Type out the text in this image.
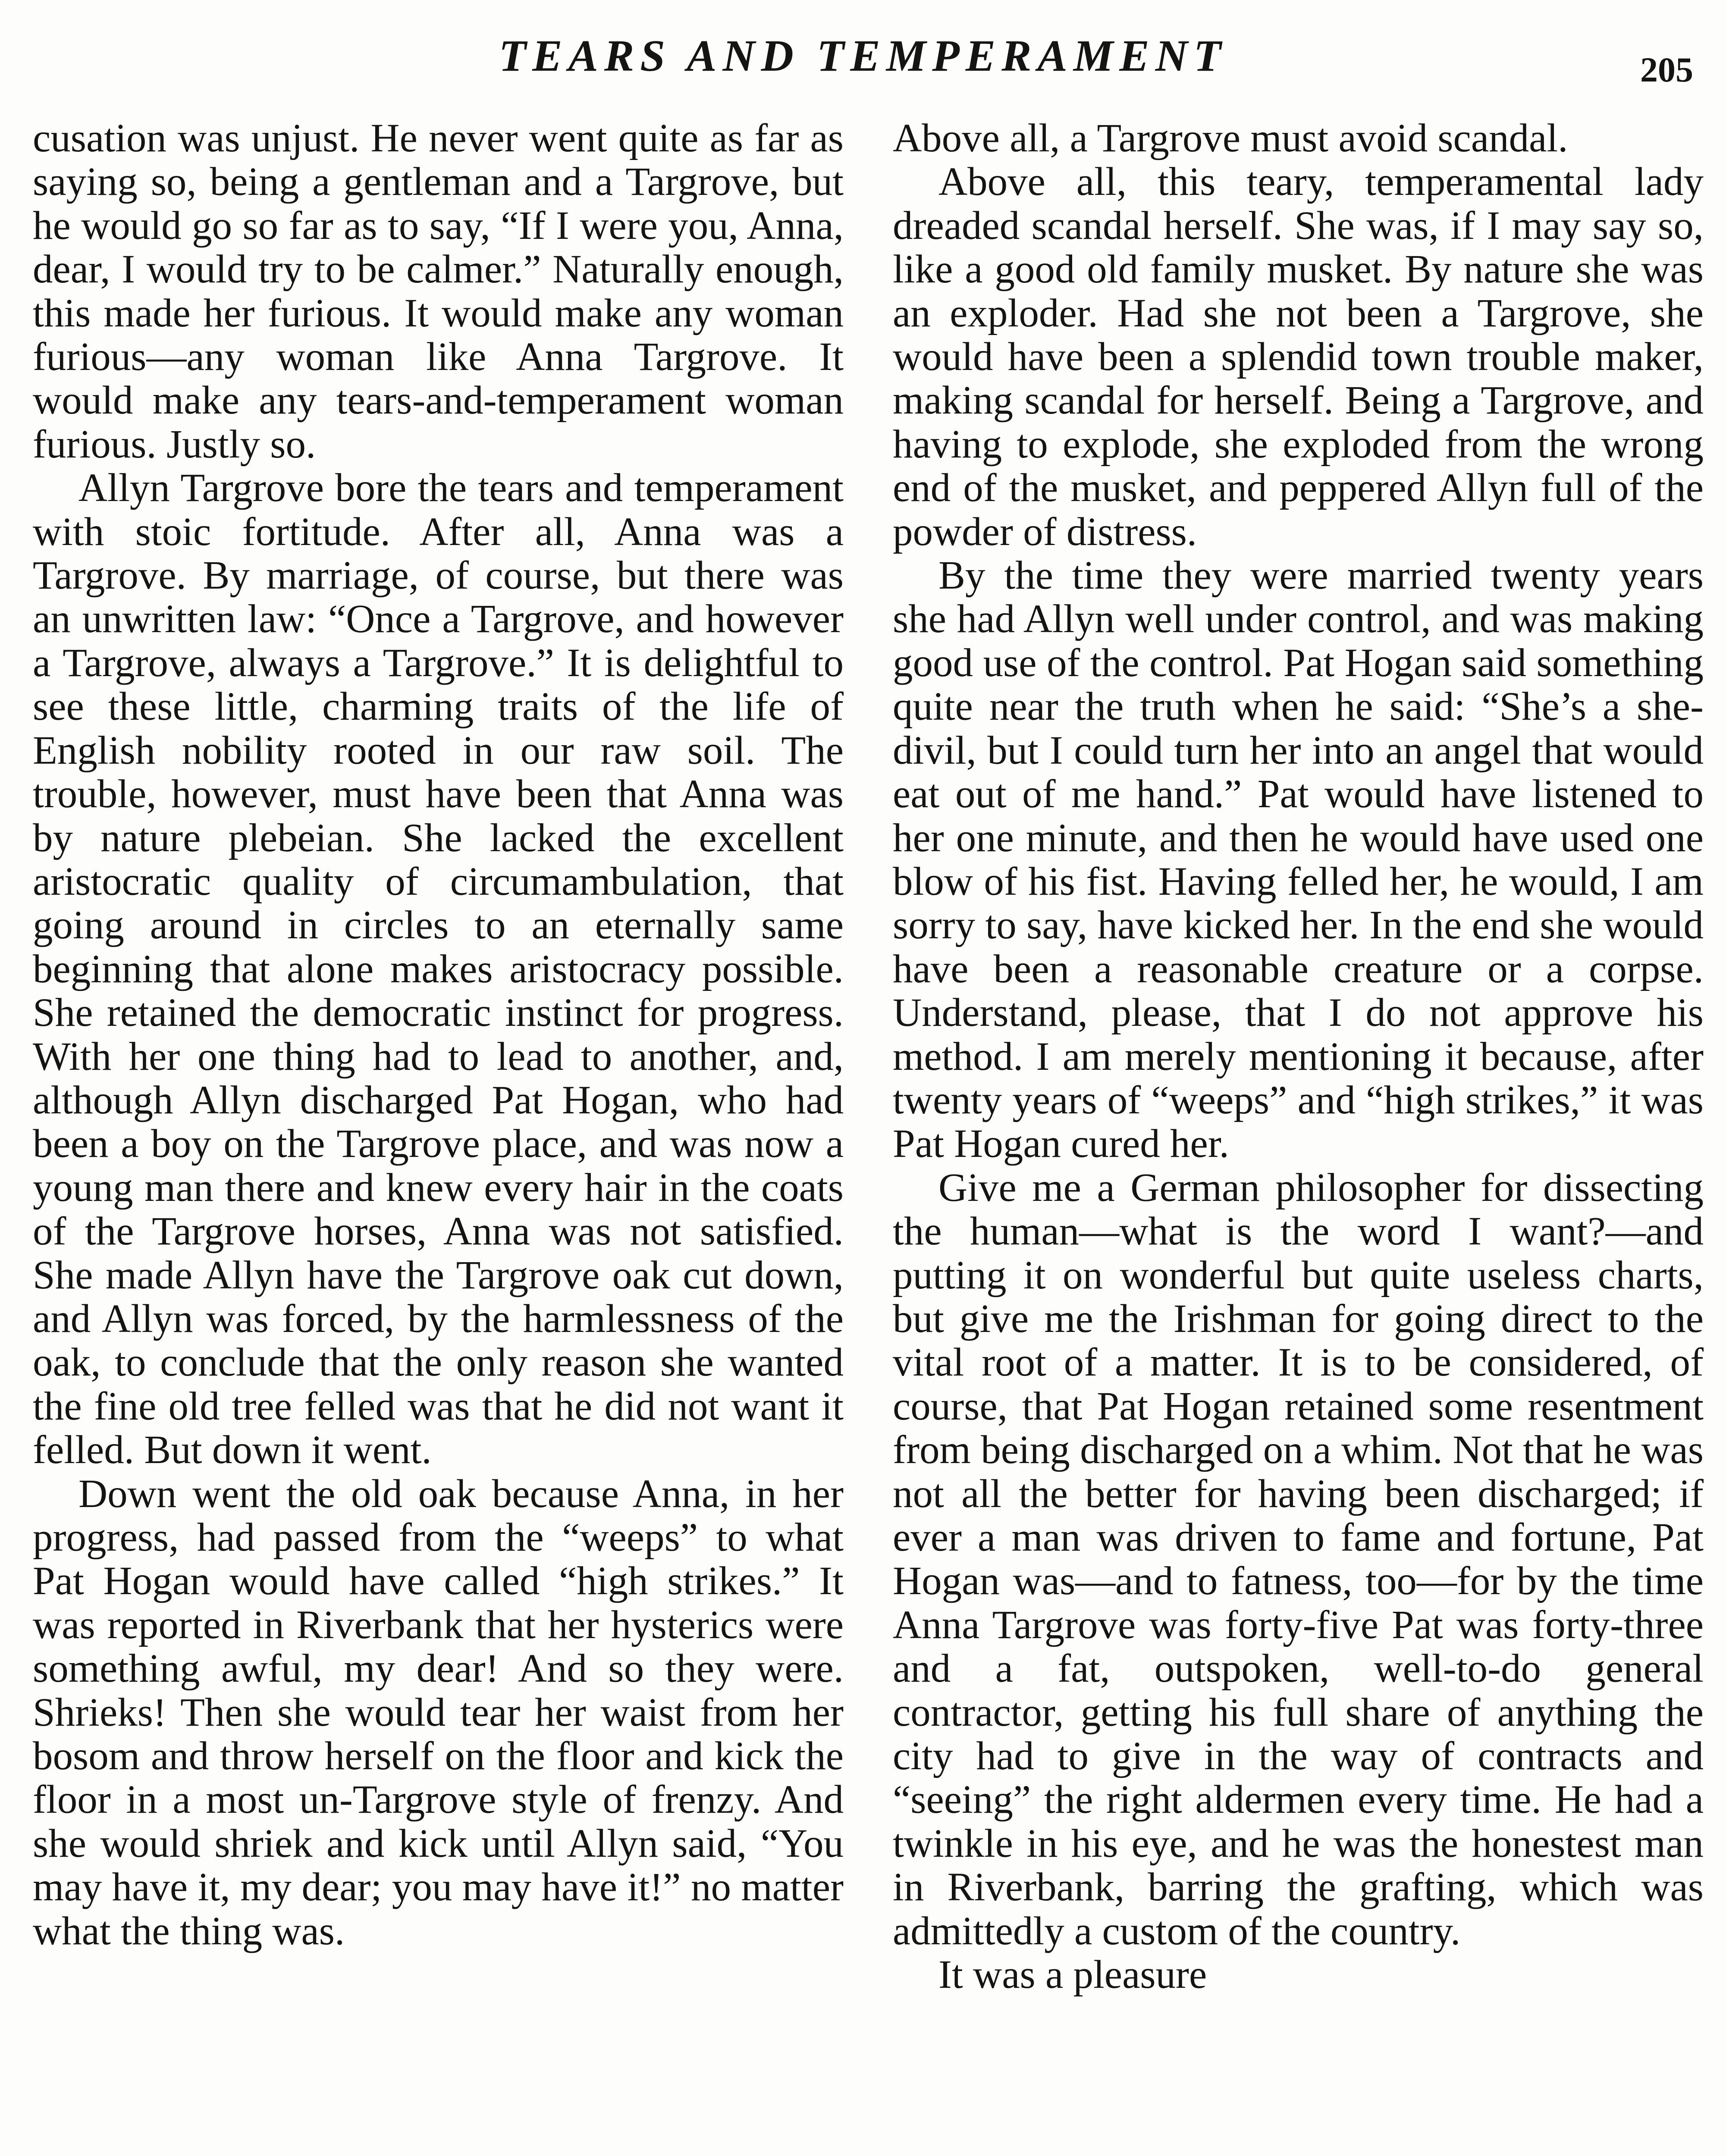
TEARS AND TEMPERAMENT	205

cusation was unjust. He never went quite as far as saying so, being a gentleman and a Targrove, but he would go so far as to say, “If I were you, Anna, dear, I would try to be calmer.” Naturally enough, this made her furious. It would make any woman furious—any woman like Anna Targrove. It would make any tears-and-temperament woman furious. Justly so.

Allyn Targrove bore the tears and temperament with stoic fortitude. After all, Anna was a Targrove. By marriage, of course, but there was an unwritten law: “Once a Targrove, and however a Targrove, always a Targrove.” It is delightful to see these little, charming traits of the life of English nobility rooted in our raw soil. The trouble, however, must have been that Anna was by nature plebeian. She lacked the excellent aristocratic quality of circumambulation, that going around in circles to an eternally same beginning that alone makes aristocracy possible. She retained the democratic instinct for progress. With her one thing had to lead to another, and, although Allyn discharged Pat Hogan, who had been a boy on the Targrove place, and was now a young man there and knew every hair in the coats of the Targrove horses, Anna was not satisfied. She made Allyn have the Targrove oak cut down, and Allyn was forced, by the harmlessness of the oak, to conclude that the only reason she wanted the fine old tree felled was that he did not want it felled. But down it went.

Down went the old oak because Anna, in her progress, had passed from the “weeps” to what Pat Hogan would have called “high strikes.” It was reported in Riverbank that her hysterics were something awful, my dear! And so they were. Shrieks! Then she would tear her waist from her bosom and throw herself on the floor and kick the floor in a most un-Targrove style of frenzy. And she would shriek and kick until Allyn said, “You may have it, my dear; you may have it!” no matter what the thing was.

Above all, a Targrove must avoid scandal.

Above all, this teary, temperamental lady dreaded scandal herself. She was, if I may say so, like a good old family musket. By nature she was an exploder. Had she not been a Targrove, she would have been a splendid town trouble maker, making scandal for herself. Being a Targrove, and having to explode, she exploded from the wrong end of the musket, and peppered Allyn full of the powder of distress.

By the time they were married twenty years she had Allyn well under control, and was making good use of the control. Pat Hogan said something quite near the truth when he said: “She’s a she-divil, but I could turn her into an angel that would eat out of me hand.” Pat would have listened to her one minute, and then he would have used one blow of his fist. Having felled her, he would, I am sorry to say, have kicked her. In the end she would have been a reasonable creature or a corpse. Understand, please, that I do not approve his method. I am merely mentioning it because, after twenty years of “weeps” and “high strikes,” it was Pat Hogan cured her.

Give me a German philosopher for dissecting the human—what is the word I want?—and putting it on wonderful but quite useless charts, but give me the Irishman for going direct to the vital root of a matter. It is to be considered, of course, that Pat Hogan retained some resentment from being discharged on a whim. Not that he was not all the better for having been discharged; if ever a man was driven to fame and fortune, Pat Hogan was—and to fatness, too—for by the time Anna Targrove was forty-five Pat was forty-three and a fat, outspoken, well-to-do general contractor, getting his full share of anything the city had to give in the way of contracts and “seeing” the right aldermen every time. He had a twinkle in his eye, and he was the honestest man in Riverbank, barring the grafting, which was admittedly a custom of the country.

It was a pleasure
